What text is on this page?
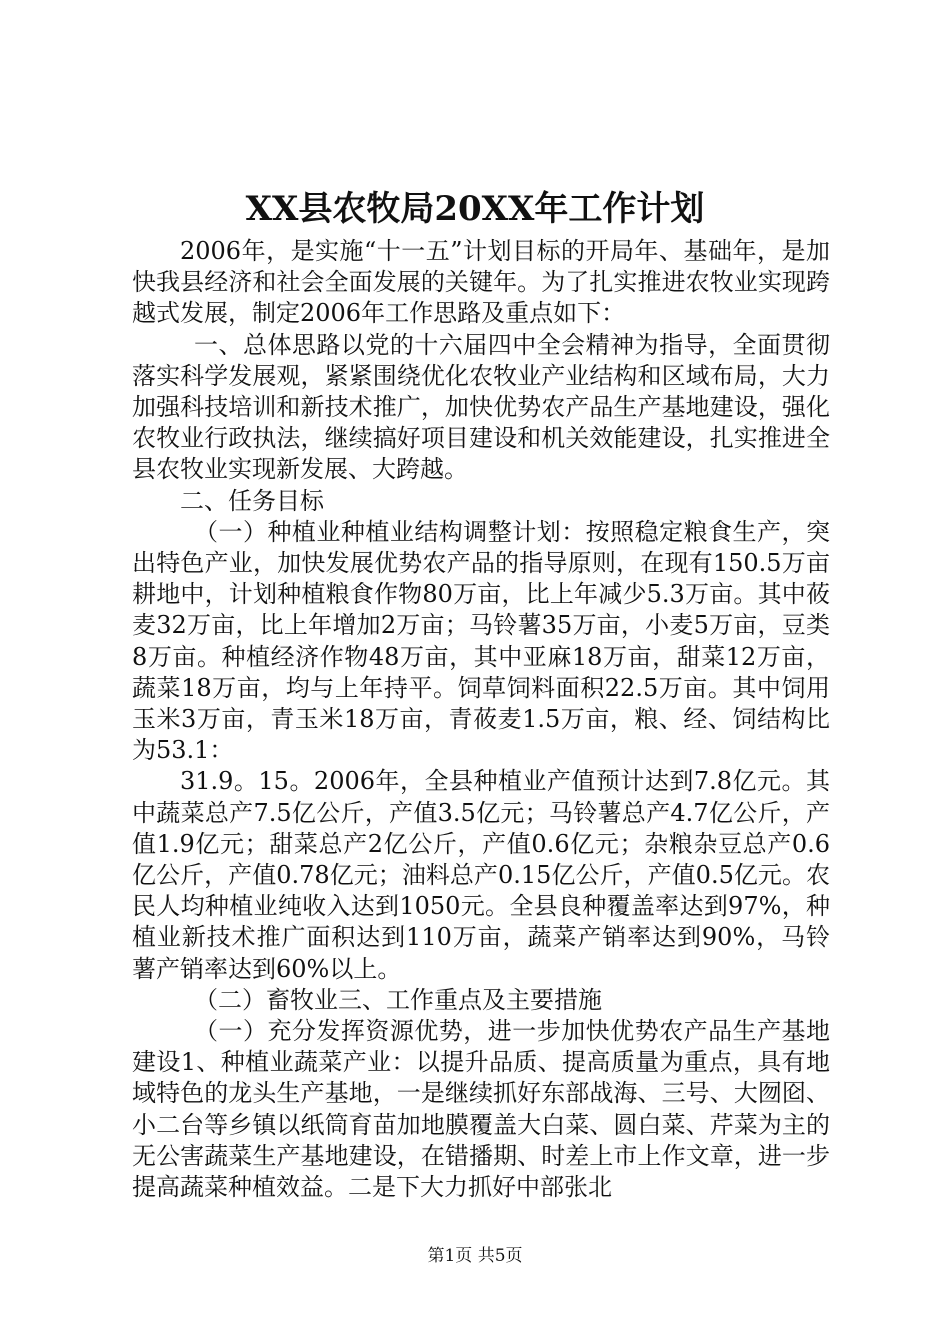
XX县农牧局20XX年工作计划

2006年，是实施“十一五”计划目标的开局年、基础年，是加快我县经济和社会全面发展的关键年。为了扎实推进农牧业实现跨越式发展，制定2006年工作思路及重点如下：

一、总体思路以党的十六届四中全会精神为指导，全面贯彻落实科学发展观，紧紧围绕优化农牧业产业结构和区域布局，大力加强科技培训和新技术推广，加快优势农产品生产基地建设，强化农牧业行政执法，继续搞好项目建设和机关效能建设，扎实推进全县农牧业实现新发展、大跨越。

二、任务目标

（一）种植业种植业结构调整计划：按照稳定粮食生产，突出特色产业，加快发展优势农产品的指导原则，在现有150.5万亩耕地中，计划种植粮食作物80万亩，比上年减少5.3万亩。其中莜麦32万亩，比上年增加2万亩；马铃薯35万亩，小麦5万亩，豆类8万亩。种植经济作物48万亩，其中亚麻18万亩，甜菜12万亩，蔬菜18万亩，均与上年持平。饲草饲料面积22.5万亩。其中饲用玉米3万亩，青玉米18万亩，青莜麦1.5万亩，粮、经、饲结构比为53.1：

31.9。15。2006年，全县种植业产值预计达到7.8亿元。其中蔬菜总产7.5亿公斤，产值3.5亿元；马铃薯总产4.7亿公斤，产值1.9亿元；甜菜总产2亿公斤，产值0.6亿元；杂粮杂豆总产0.6亿公斤，产值0.78亿元；油料总产0.15亿公斤，产值0.5亿元。农民人均种植业纯收入达到1050元。全县良种覆盖率达到97%，种植业新技术推广面积达到110万亩，蔬菜产销率达到90%，马铃薯产销率达到60%以上。

（二）畜牧业三、工作重点及主要措施

（一）充分发挥资源优势，进一步加快优势农产品生产基地建设1、种植业蔬菜产业：以提升品质、提高质量为重点，具有地域特色的龙头生产基地，一是继续抓好东部战海、三号、大囫囵、小二台等乡镇以纸筒育苗加地膜覆盖大白菜、圆白菜、芹菜为主的无公害蔬菜生产基地建设，在错播期、时差上市上作文章，进一步提高蔬菜种植效益。二是下大力抓好中部张北

第1页 共5页
